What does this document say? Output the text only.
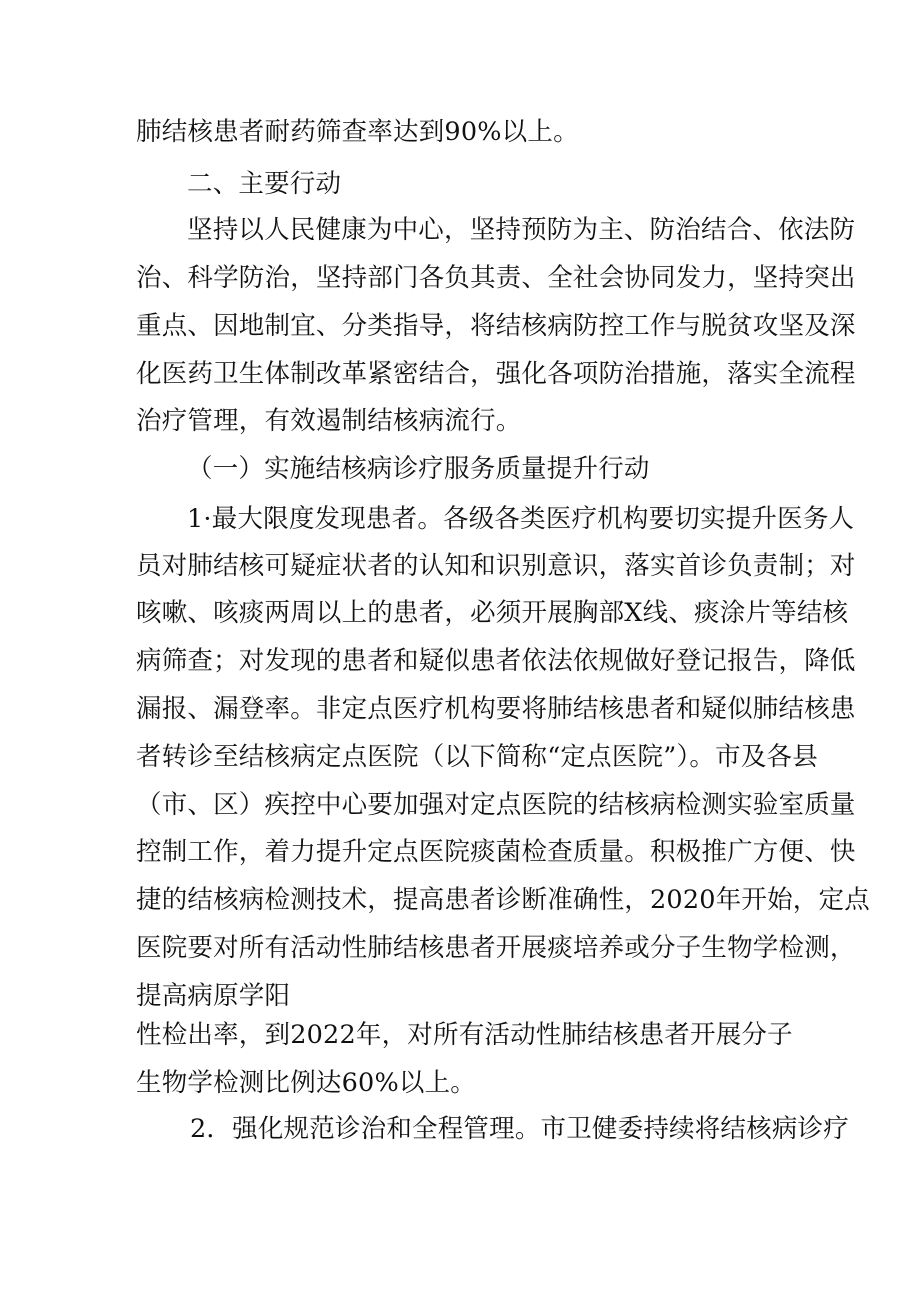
肺结核患者耐药筛查率达到90%以上。
二、主要行动
坚持以人民健康为中心，坚持预防为主、防治结合、依法防
治、科学防治，坚持部门各负其责、全社会协同发力，坚持突出
重点、因地制宜、分类指导，将结核病防控工作与脱贫攻坚及深
化医药卫生体制改革紧密结合，强化各项防治措施，落实全流程
治疗管理，有效遏制结核病流行。
（一）实施结核病诊疗服务质量提升行动
1·最大限度发现患者。各级各类医疗机构要切实提升医务人
员对肺结核可疑症状者的认知和识别意识，落实首诊负责制；对
咳嗽、咳痰两周以上的患者，必须开展胸部X线、痰涂片等结核
病筛查；对发现的患者和疑似患者依法依规做好登记报告，降低
漏报、漏登率。非定点医疗机构要将肺结核患者和疑似肺结核患
者转诊至结核病定点医院（以下简称“定点医院”）。市及各县
（市、区）疾控中心要加强对定点医院的结核病检测实验室质量
控制工作，着力提升定点医院痰菌检查质量。积极推广方便、快
捷的结核病检测技术，提高患者诊断准确性，2020年开始，定点
医院要对所有活动性肺结核患者开展痰培养或分子生物学检测，
提高病原学阳
性检出率，到2022年，对所有活动性肺结核患者开展分子
生物学检测比例达60%以上。
2．强化规范诊治和全程管理。市卫健委持续将结核病诊疗
